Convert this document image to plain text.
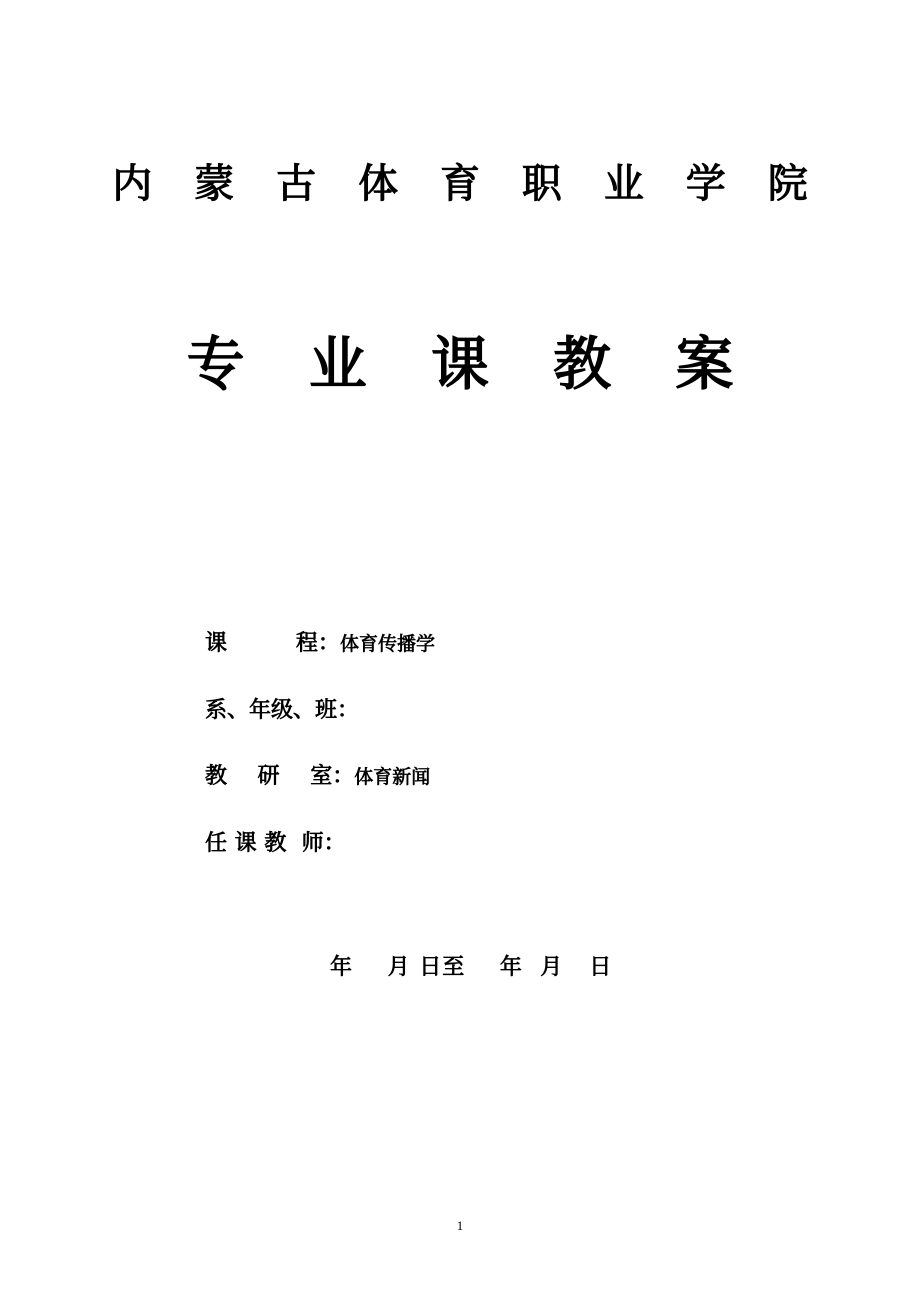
内 蒙 古 体 育 职 业 学 院
专 业 课 教 案
课         程： 体育传播学
系、年级、班：
教    研    室： 体育新闻
任 课 教  师：
年    月 日至    年  月   日
1
